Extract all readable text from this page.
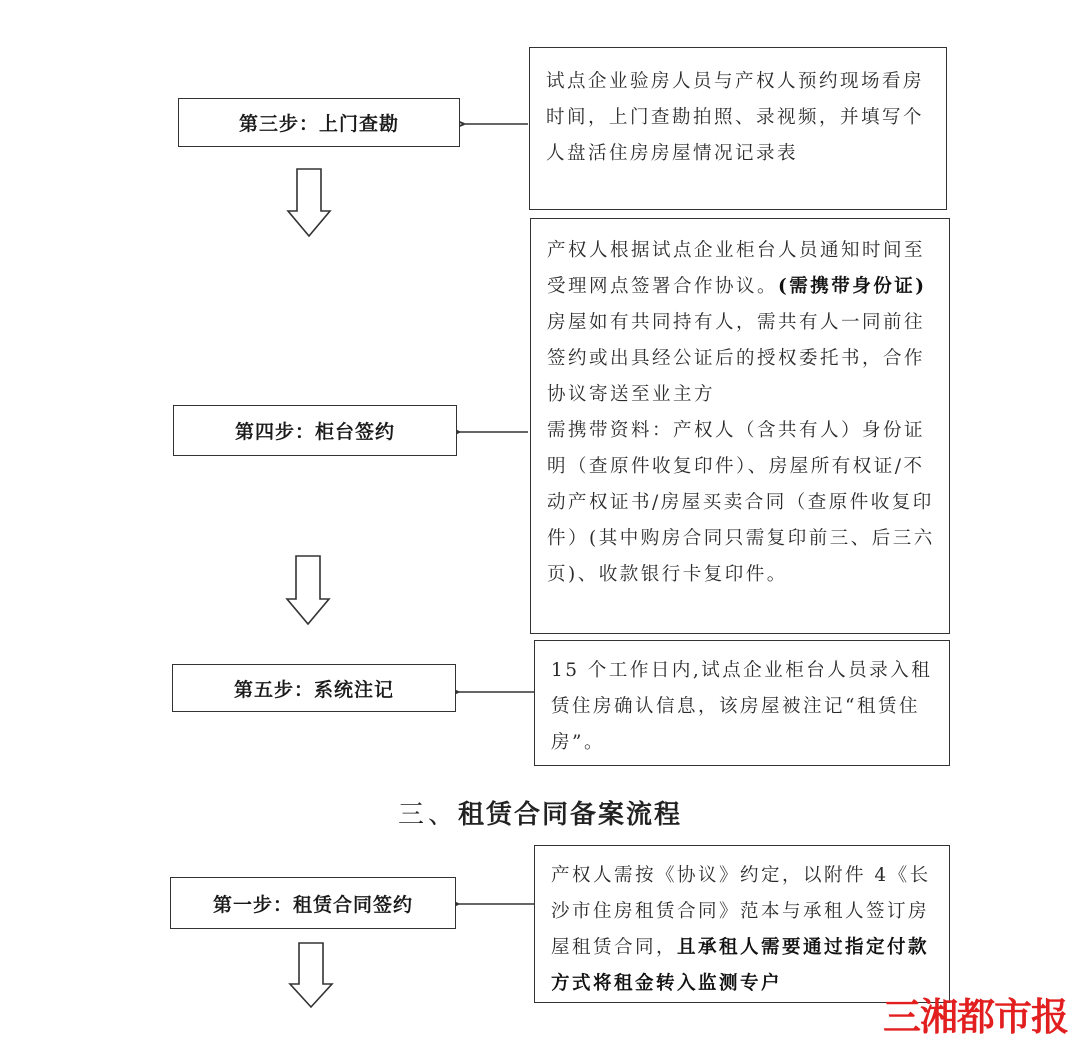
第三步：上门查勘

试点企业验房人员与产权人预约现场看房时间，上门查勘拍照、录视频，并填写个人盘活住房房屋情况记录表

第四步：柜台签约

产权人根据试点企业柜台人员通知时间至受理网点签署合作协议。(需携带身份证)

房屋如有共同持有人，需共有人一同前往签约或出具经公证后的授权委托书，合作协议寄送至业主方

需携带资料：产权人（含共有人）身份证明（查原件收复印件）、房屋所有权证/不动产权证书/房屋买卖合同（查原件收复印件）(其中购房合同只需复印前三、后三六页)、收款银行卡复印件。

第五步：系统注记

15 个工作日内,试点企业柜台人员录入租赁住房确认信息，该房屋被注记“租赁住房”。

三、租赁合同备案流程
第一步：租赁合同签约

产权人需按《协议》约定，以附件 4《长沙市住房租赁合同》范本与承租人签订房屋租赁合同，且承租人需要通过指定付款方式将租金转入监测专户

三湘都市报
